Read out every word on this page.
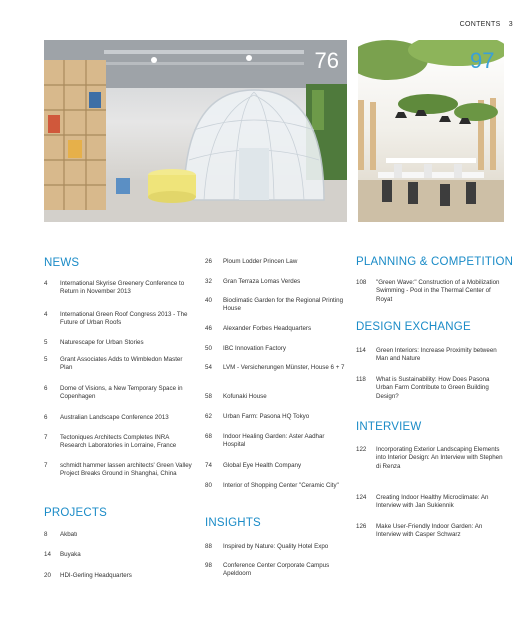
CONTENTS 3
76	97
NEWS
4	International Skyrise Greenery Conference to Return in November 2013
4	International Green Roof Congress 2013 - The Future of Urban Roofs
5	Naturescape for Urban Stories
5	Grant Associates Adds to Wimbledon Master Plan
6	Dome of Visions, a New Temporary Space in Copenhagen
6	Australian Landscape Conference 2013
7	Tectoniques Architects Completes INRA Research Laboratories in Lorraine, France
7	schmidt hammer lassen architects' Green Valley Project Breaks Ground in Shanghai, China
PROJECTS
8	Akbatı
14	Buyaka
20	HDI-Gerling Headquarters
26	Ploum Lodder Princen Law
32	Gran Terraza Lomas Verdes
40	Bioclimatic Garden for the Regional Printing House
46	Alexander Forbes Headquarters
50	IBC Innovation Factory
54	LVM - Versicherungen Münster, House 6 + 7
58	Kofunaki House
62	Urban Farm: Pasona HQ Tokyo
68	Indoor Healing Garden: Aster Aadhar Hospital
74	Global Eye Health Company
80	Interior of Shopping Center "Ceramic City"
INSIGHTS
88	Inspired by Nature: Quality Hotel Expo
98	Conference Center Corporate Campus Apeldoorn
PLANNING & COMPETITION
108	"Green Wave:" Construction of a Mobilization Swimming - Pool in the Thermal Center of Royat
DESIGN EXCHANGE
114	Green Interiors: Increase Proximity between Man and Nature
118	What is Sustainability: How Does Pasona Urban Farm Contribute to Green Building Design?
INTERVIEW
122	Incorporating Exterior Landscaping Elements into Interior Design: An Interview with Stephen di Renza
124	Creating Indoor Healthy Microclimate: An Interview with Jan Sukiennik
126	Make User-Friendly Indoor Garden: An Interview with Casper Schwarz
